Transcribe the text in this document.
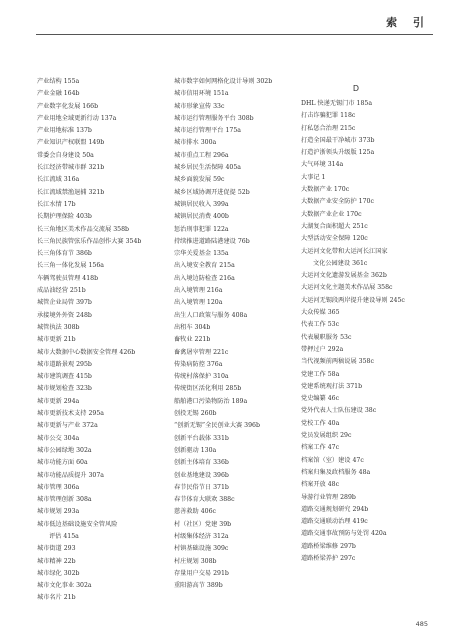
索 引
产业结构 155a
产业金融 164b
产业数字化发展 166b
产业用地全域更新行动 137a
产业用地标准 137b
产业知识产权联盟 149b
常委会自身建设 50a
长江经济带城市群 321b
长江流域 316a
长江流域禁渔退捕 321b
长江水情 17b
长期护理保险 403b
长三角地区美术作品交流展 358b
长三角民族管弦乐作品创作大赛 354b
长三角体育节 386b
长三角一体化发展 156a
车辆驾驶员管理 418b
成品油经营 251b
城管企业局管 397b
承接境外外资 248b
城管执法 308b
城市更新 21b
城市大数据中心数据安全管理 426b
城市道路景观 295b
城市建筑调查 415b
城市规划检查 323b
城市更新 294a
城市更新技术支持 295a
城市更新与产业 372a
城市公交 304a
城市公园绿地 302a
城市功能方面 60a
城市功能品质提升 307a
城市管理 306a
城市管理创新 308a
城市规划 293a
城市低边基础设施安全管风险
评估 415a
城市街道 293
城市精神 22b
城市绿化 302b
城市文化事业 302a
城市名片 21b
城市数字如何网格化设计导则 302b
城市信用环境 151a
城市形象宣传 33c
城市运行管理服务平台 308b
城市运行管理平台 175a
城市排水 300a
城市重点工程 296a
城乡居民生活保障 405a
城乡面貌发展 59c
城乡区域协调开进促提 52b
城镇居民收入 399a
城镇居民消费 400b
惩治刑事犯罪 122a
持续推进道路陆港建设 76b
宗华关爱基金 135a
出入境安全教育 215a
出入境边防检查 216a
出入境管理 216a
出入境管理 120a
出生人口政策与服务 408a
出租车 304b
畜牧业 221b
畜禽屠宰管理 221c
传染病防控 376a
传统村落保护 310a
传统街区活化利用 285b
船舶港口污染物防治 189a
创投无锡 260b
“创新无锡”全民创业大赛 396b
创新平台载体 331b
创新驱动 130a
创新主体培育 336b
创业基地建设 396b
春节民俗节日 371b
春节体育大联欢 388c
慈善救助 406c
村（社区）党建 39b
村级集体经济 312a
村镇基础设施 309c
村庄规划 308b
存量用户交易 291b
重阳游高节 389b
D
DHL 快递无锡门市 185a
打击诈骗犯罪 118c
打私惩合治理 215c
打造全国最干净城市 373b
打造沪浙领头升级版 125a
大气环境 314a
大事记 1
大数据产业 170c
大数据产业安全防护 170c
大数据产业企业 170c
大湖复合面积超大 251c
大型活动安全保障 120c
大运河文化带和大运河长江国家
文化公园建设 361c
大运河文化遗游发展基金 362b
大运河文化主题美术作品展 358c
大运河无锡段两岸提升建设导则 245c
大众传媒 365
代表工作 53c
代表履职服务 53c
带押过户 292a
当代视频前两稿说展 358c
党建工作 58a
党建系统观打法 371b
党史编纂 46c
党外代表人士队伍建设 38c
党校工作 40a
党员发展组织 29c
档案工作 47c
档案馆（室）建设 47c
档案归集及政档服务 48a
档案开放 48c
导游行业管理 289b
道路交通规划研究 294b
道路交通联动治理 419c
道路交通事故预防与处罚 420a
道路桥梁维修 297b
道路桥梁养护 297c
485
